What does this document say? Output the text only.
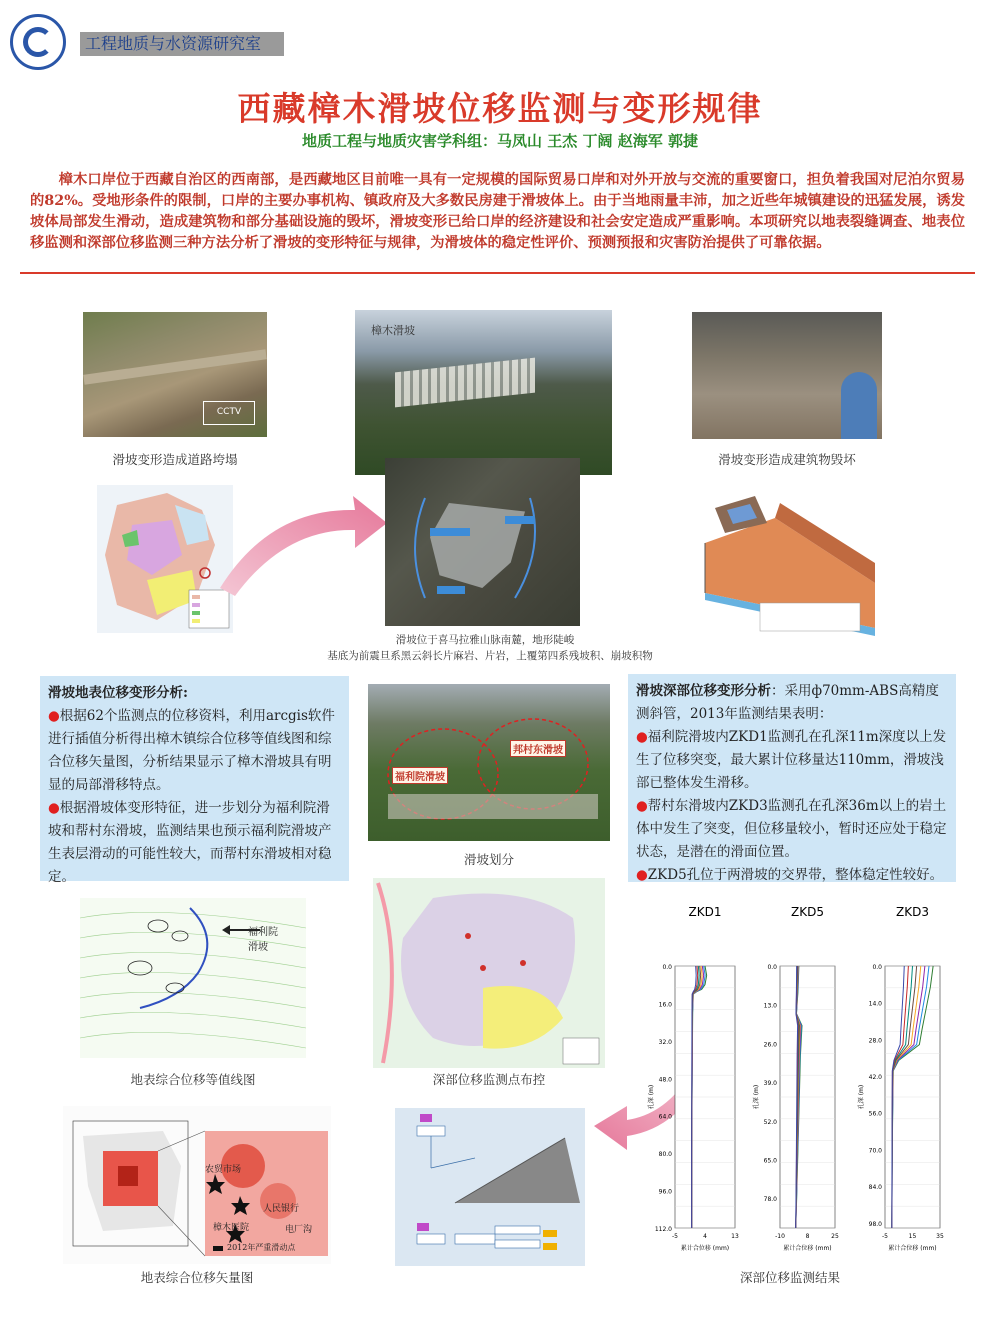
工程地质与水资源研究室
西藏樟木滑坡位移监测与变形规律
地质工程与地质灾害学科组：马凤山 王杰 丁阔 赵海军 郭捷
樟木口岸位于西藏自治区的西南部，是西藏地区目前唯一具有一定规模的国际贸易口岸和对外开放与交流的重要窗口，担负着我国对尼泊尔贸易的82%。受地形条件的限制，口岸的主要办事机构、镇政府及大多数民房建于滑坡体上。由于当地雨量丰沛，加之近些年城镇建设的迅猛发展，诱发坡体局部发生滑动，造成建筑物和部分基础设施的毁坏，滑坡变形已给口岸的经济建设和社会安定造成严重影响。本项研究以地表裂缝调查、地表位移监测和深部位移监测三种方法分析了滑坡的变形特征与规律，为滑坡体的稳定性评价、预测预报和灾害防治提供了可靠依据。
CCTV
滑坡变形造成道路垮塌
樟木滑坡
滑坡变形造成建筑物毁坏
滑坡位于喜马拉雅山脉南麓，地形陡峻
基底为前震旦系黑云斜长片麻岩、片岩，上覆第四系残坡积、崩坡积物
滑坡地表位移变形分析:
●根据62个监测点的位移资料，利用arcgis软件进行插值分析得出樟木镇综合位移等值线图和综合位移矢量图，分析结果显示了樟木滑坡具有明显的局部滑移特点。
●根据滑坡体变形特征，进一步划分为福利院滑坡和帮村东滑坡，监测结果也预示福利院滑坡产生表层滑动的可能性较大，而帮村东滑坡相对稳定。
福利院滑坡
邦村东滑坡
滑坡划分
滑坡深部位移变形分析：采用ф70mm-ABS高精度测斜管，2013年监测结果表明：
●福利院滑坡内ZKD1监测孔在孔深11m深度以上发生了位移突变，最大累计位移量达110mm，滑坡浅部已整体发生滑移。
●帮村东滑坡内ZKD3监测孔在孔深36m以上的岩土体中发生了突变，但位移量较小，暂时还应处于稳定状态，是潜在的滑面位置。
●ZKD5孔位于两滑坡的交界带，整体稳定性较好。
福利院
滑坡
地表综合位移等值线图	深部位移监测点布控
农贸市场
人民银行
樟木医院	电厂沟
2012年严重滑动点
地表综合位移矢量图
ZKD1
0.0
16.0
32.0
48.0
64.0
80.0
96.0
112.0
-5	4	13
累计合位移 (mm)
孔深 (m)
ZKD5
0.0
13.0
26.0
39.0
52.0
65.0
78.0
-10	8	25
累计合位移 (mm)
孔深 (m)
ZKD3
0.0
14.0
28.0
42.0
56.0
70.0
84.0
98.0
-5	15	35
累计合位移 (mm)
孔深 (m)
深部位移监测结果
